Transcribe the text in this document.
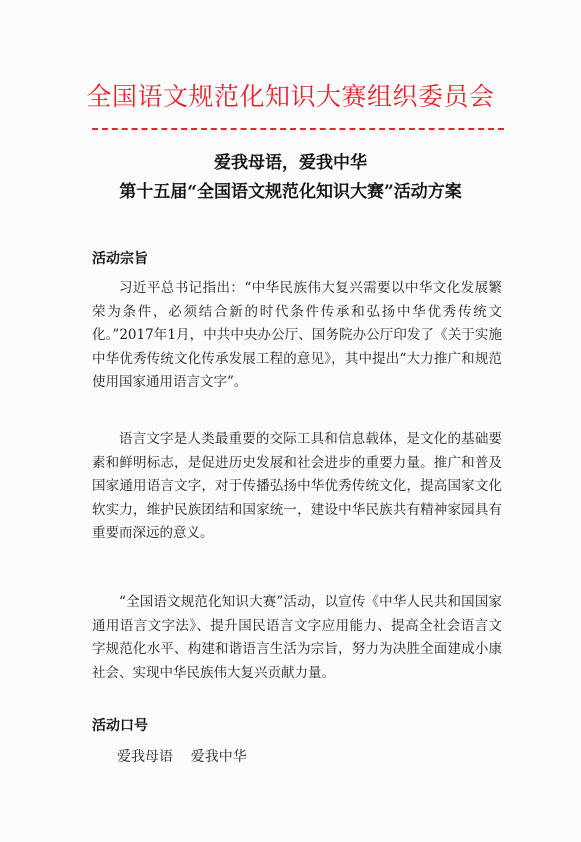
全国语文规范化知识大赛组织委员会
爱我母语，爱我中华
第十五届“全国语文规范化知识大赛”活动方案
活动宗旨

习近平总书记指出：“中华民族伟大复兴需要以中华文化发展繁荣为条件，必须结合新的时代条件传承和弘扬中华优秀传统文化。”2017年1月，中共中央办公厅、国务院办公厅印发了《关于实施中华优秀传统文化传承发展工程的意见》，其中提出“大力推广和规范使用国家通用语言文字”。

语言文字是人类最重要的交际工具和信息载体，是文化的基础要素和鲜明标志，是促进历史发展和社会进步的重要力量。推广和普及国家通用语言文字，对于传播弘扬中华优秀传统文化，提高国家文化软实力，维护民族团结和国家统一，建设中华民族共有精神家园具有重要而深远的意义。

“全国语文规范化知识大赛”活动，以宣传《中华人民共和国国家通用语言文字法》、提升国民语言文字应用能力、提高全社会语言文字规范化水平、构建和谐语言生活为宗旨，努力为决胜全面建成小康社会、实现中华民族伟大复兴贡献力量。

活动口号
爱我母语    爱我中华
